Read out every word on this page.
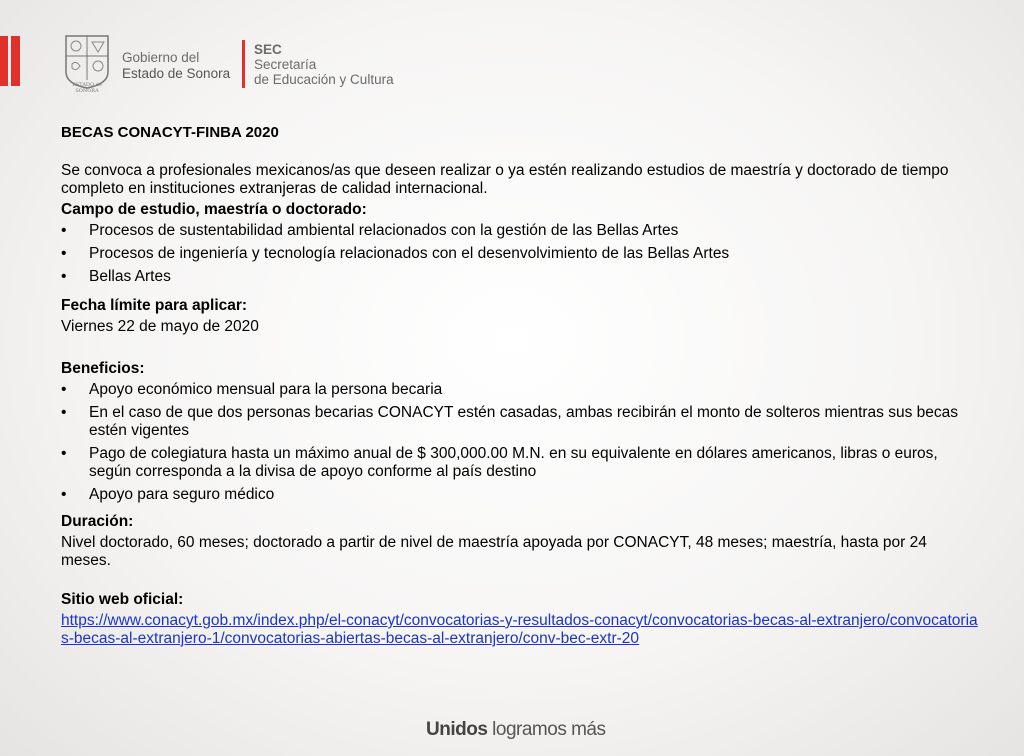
ESTADO de SONORA
Gobierno del
Estado de Sonora
SEC
Secretaría
de Educación y Cultura

BECAS CONACYT-FINBA 2020

Se convoca a profesionales mexicanos/as que deseen realizar o ya estén realizando estudios de maestría y doctorado de tiempo completo en instituciones extranjeras de calidad internacional.

Campo de estudio, maestría o doctorado:

• Procesos de sustentabilidad ambiental relacionados con la gestión de las Bellas Artes
• Procesos de ingeniería y tecnología relacionados con el desenvolvimiento de las Bellas Artes
• Bellas Artes

Fecha límite para aplicar:

Viernes 22 de mayo de 2020

Beneficios:

• Apoyo económico mensual para la persona becaria
• En el caso de que dos personas becarias CONACYT estén casadas, ambas recibirán el monto de solteros mientras sus becas estén vigentes
• Pago de colegiatura hasta un máximo anual de $ 300,000.00 M.N. en su equivalente en dólares americanos, libras o euros, según corresponda a la divisa de apoyo conforme al país destino
• Apoyo para seguro médico

Duración:

Nivel doctorado, 60 meses; doctorado a partir de nivel de maestría apoyada por CONACYT, 48 meses; maestría, hasta por 24 meses.

Sitio web oficial:

https://www.conacyt.gob.mx/index.php/el-conacyt/convocatorias-y-resultados-conacyt/convocatorias-becas-al-extranjero/convocatorias-becas-al-extranjero-1/convocatorias-abiertas-becas-al-extranjero/conv-bec-extr-20

Unidos logramos más
